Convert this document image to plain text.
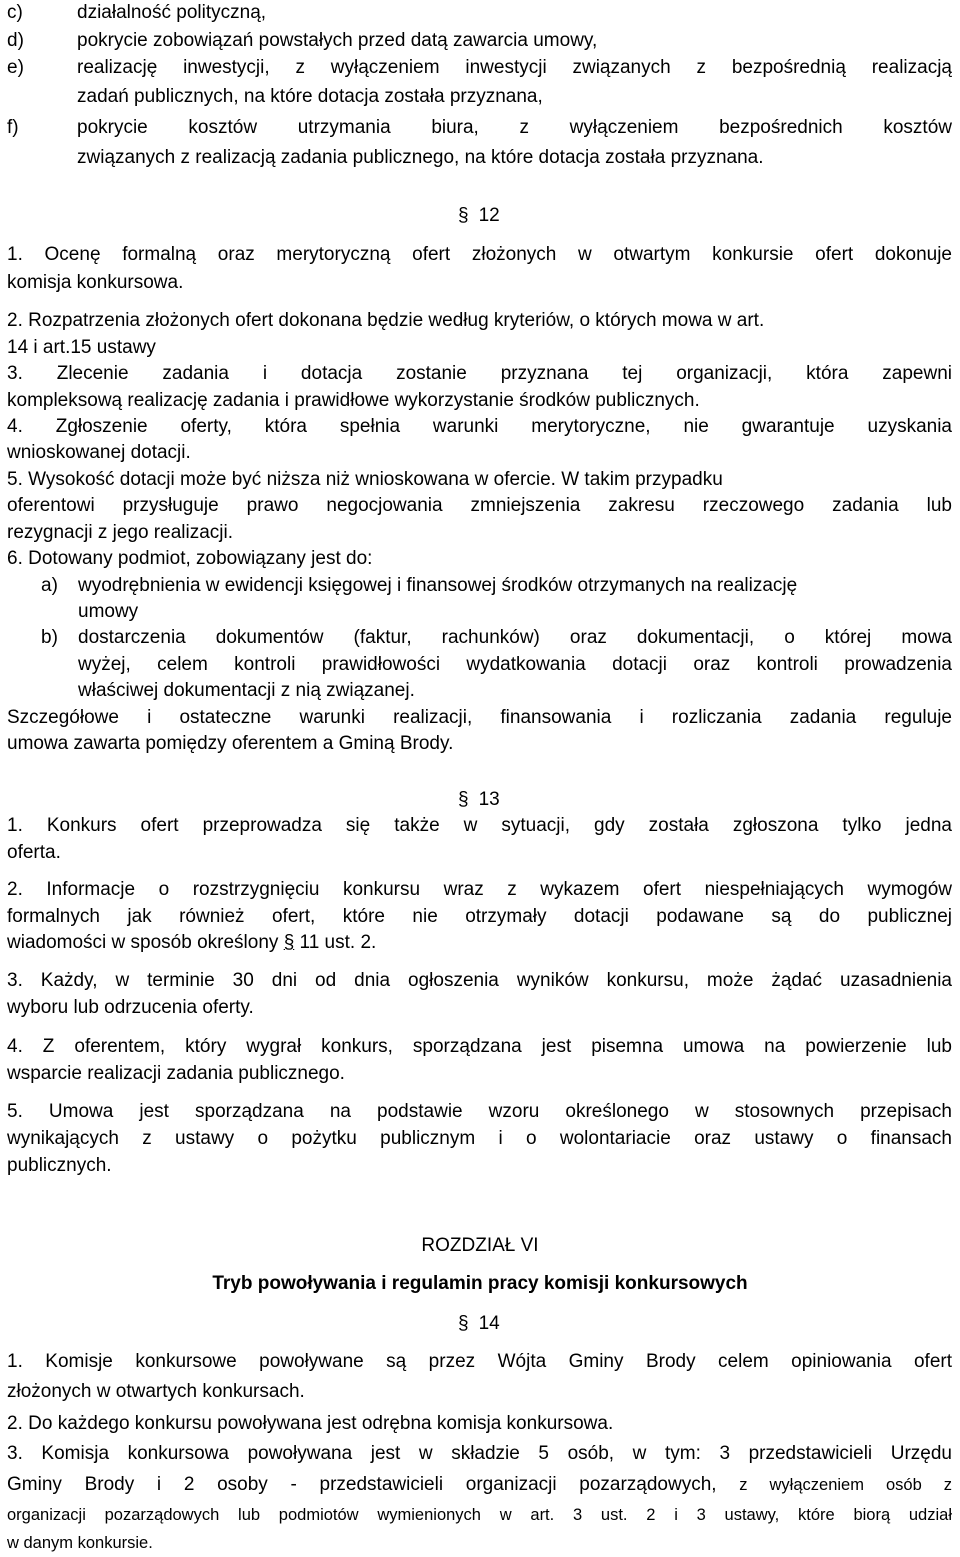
c)	działalność polityczną,
d)	pokrycie zobowiązań powstałych przed datą zawarcia umowy,
e)	realizację inwestycji, z wyłączeniem inwestycji związanych z bezpośrednią realizacją
zadań publicznych, na które dotacja została przyznana,
f)	pokrycie kosztów utrzymania biura, z wyłączeniem bezpośrednich kosztów
związanych z realizacją zadania publicznego, na które dotacja została przyznana.
§ 12
1. Ocenę formalną oraz merytoryczną ofert złożonych w otwartym konkursie ofert dokonuje
komisja konkursowa.
2. Rozpatrzenia złożonych ofert dokonana będzie według kryteriów, o których mowa w art.
14 i art.15 ustawy
3. Zlecenie zadania i dotacja zostanie przyznana tej organizacji, która zapewni
kompleksową realizację zadania i prawidłowe wykorzystanie środków publicznych.
4. Zgłoszenie oferty, która spełnia warunki merytoryczne, nie gwarantuje uzyskania
wnioskowanej dotacji.
5. Wysokość dotacji może być niższa niż wnioskowana w ofercie. W takim przypadku
oferentowi przysługuje prawo negocjowania zmniejszenia zakresu rzeczowego zadania lub
rezygnacji z jego realizacji.
6. Dotowany podmiot, zobowiązany jest do:
a) wyodrębnienia w ewidencji księgowej i finansowej środków otrzymanych na realizację
umowy
b) dostarczenia dokumentów (faktur, rachunków) oraz dokumentacji, o której mowa
wyżej, celem kontroli prawidłowości wydatkowania dotacji oraz kontroli prowadzenia
właściwej dokumentacji z nią związanej.
Szczegółowe i ostateczne warunki realizacji, finansowania i rozliczania zadania reguluje
umowa zawarta pomiędzy oferentem a Gminą Brody.
§ 13
1. Konkurs ofert przeprowadza się także w sytuacji, gdy została zgłoszona tylko jedna
oferta.
2. Informacje o rozstrzygnięciu konkursu wraz z wykazem ofert niespełniających wymogów
formalnych jak również ofert, które nie otrzymały dotacji podawane są do publicznej
wiadomości w sposób określony § 11 ust. 2.
3. Każdy, w terminie 30 dni od dnia ogłoszenia wyników konkursu, może żądać uzasadnienia
wyboru lub odrzucenia oferty.
4. Z oferentem, który wygrał konkurs, sporządzana jest pisemna umowa na powierzenie lub
wsparcie realizacji zadania publicznego.
5. Umowa jest sporządzana na podstawie wzoru określonego w stosownych przepisach
wynikających z ustawy o pożytku publicznym i o wolontariacie oraz ustawy o finansach
publicznych.
ROZDZIAŁ VI
Tryb powoływania i regulamin pracy komisji konkursowych
§ 14
1. Komisje konkursowe powoływane są przez Wójta Gminy Brody celem opiniowania ofert
złożonych w otwartych konkursach.
2. Do każdego konkursu powoływana jest odrębna komisja konkursowa.
3. Komisja konkursowa powoływana jest w składzie 5 osób, w tym: 3 przedstawicieli Urzędu
Gminy Brody i 2 osoby - przedstawicieli organizacji pozarządowych, z wyłączeniem osób z
organizacji pozarządowych lub podmiotów wymienionych w art. 3 ust. 2 i 3 ustawy, które biorą udział
w danym konkursie.
